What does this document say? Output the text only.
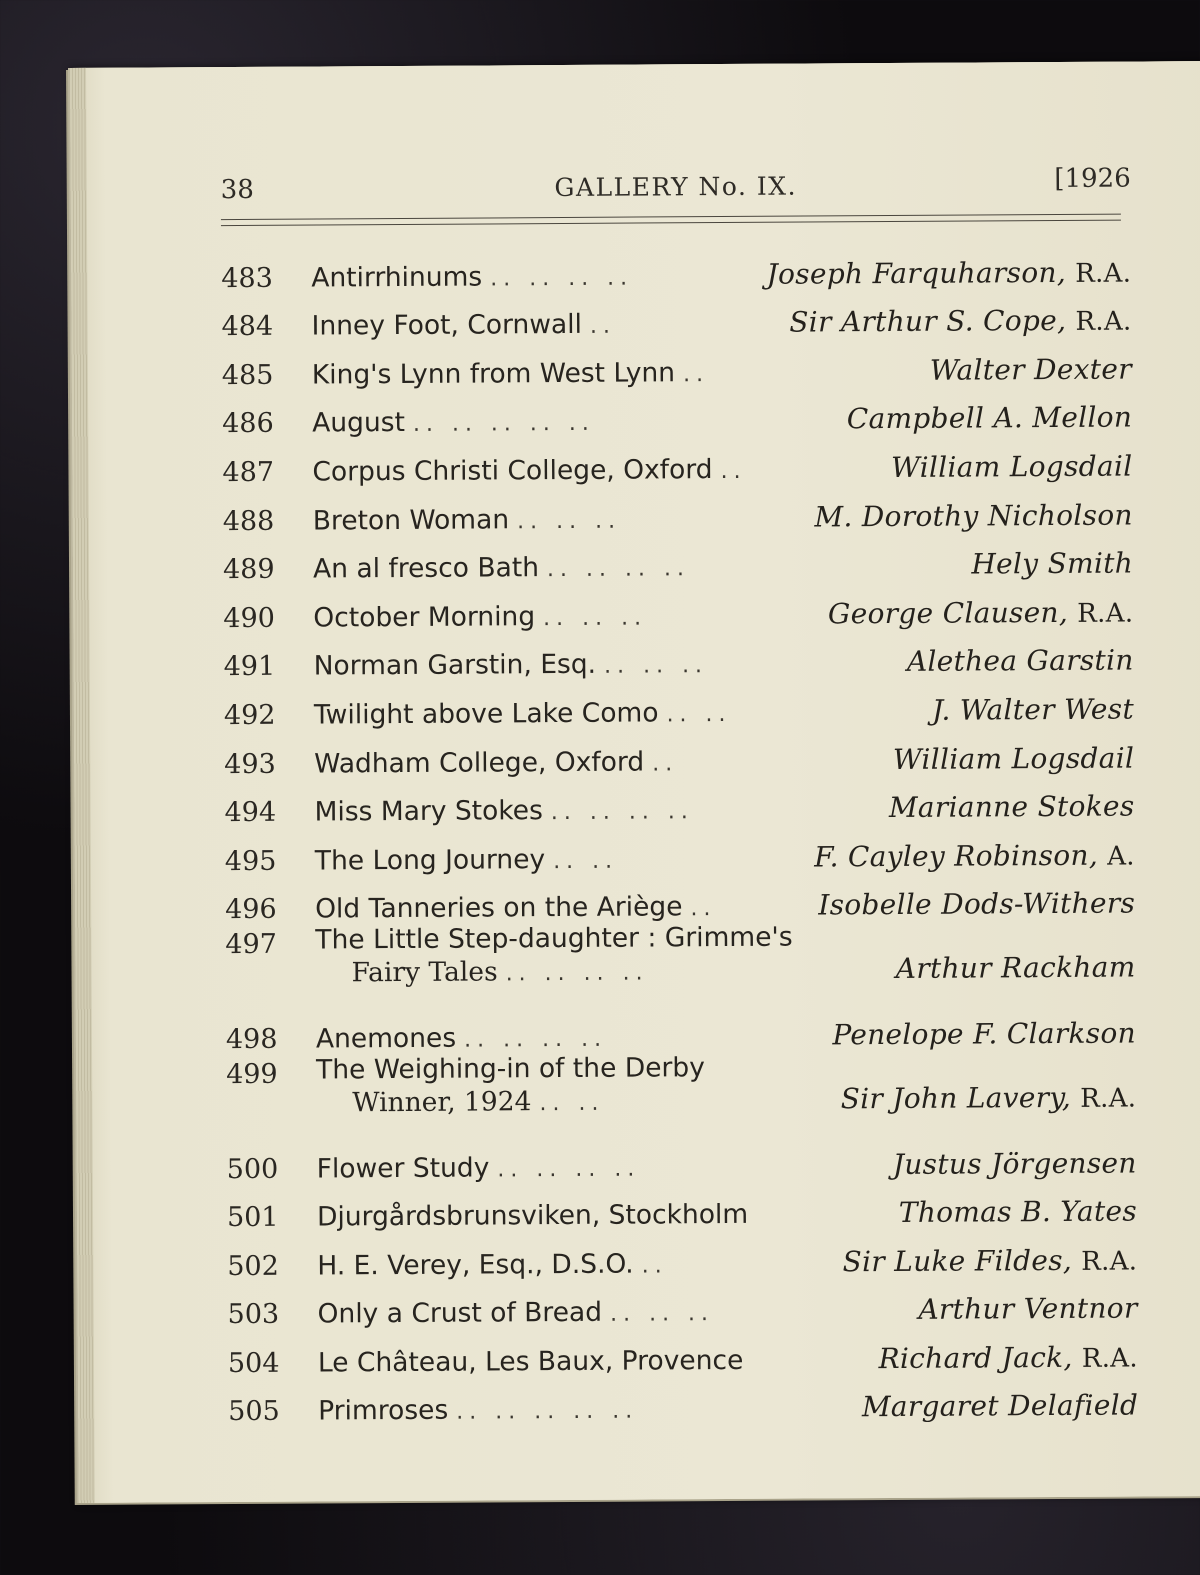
38	GALLERY No. IX.	[1926
483	Antirrhinums .. .. .. ..	Joseph Farquharson, R.A.
484	Inney Foot, Cornwall ..	Sir Arthur S. Cope, R.A.
485	King's Lynn from West Lynn ..	Walter Dexter
486	August .. .. .. .. ..	Campbell A. Mellon
487	Corpus Christi College, Oxford ..	William Logsdail
488	Breton Woman .. .. ..	M. Dorothy Nicholson
489	An al fresco Bath .. .. .. ..	Hely Smith
490	October Morning .. .. ..	George Clausen, R.A.
491	Norman Garstin, Esq. .. .. ..	Alethea Garstin
492	Twilight above Lake Como .. ..	J. Walter West
493	Wadham College, Oxford ..	William Logsdail
494	Miss Mary Stokes .. .. .. ..	Marianne Stokes
495	The Long Journey .. ..	F. Cayley Robinson, A.
496	Old Tanneries on the Ariège ..	Isobelle Dods-Withers
497	The Little Step-daughter : Grimme's
Fairy Tales .. .. .. ..	Arthur Rackham
498	Anemones .. .. .. ..	Penelope F. Clarkson
499	The Weighing-in of the Derby
Winner, 1924 .. ..	Sir John Lavery, R.A.
500	Flower Study .. .. .. ..	Justus Jörgensen
501	Djurgårdsbrunsviken, Stockholm	Thomas B. Yates
502	H. E. Verey, Esq., D.S.O. ..	Sir Luke Fildes, R.A.
503	Only a Crust of Bread .. .. ..	Arthur Ventnor
504	Le Château, Les Baux, Provence	Richard Jack, R.A.
505	Primroses .. .. .. .. ..	Margaret Delafield
